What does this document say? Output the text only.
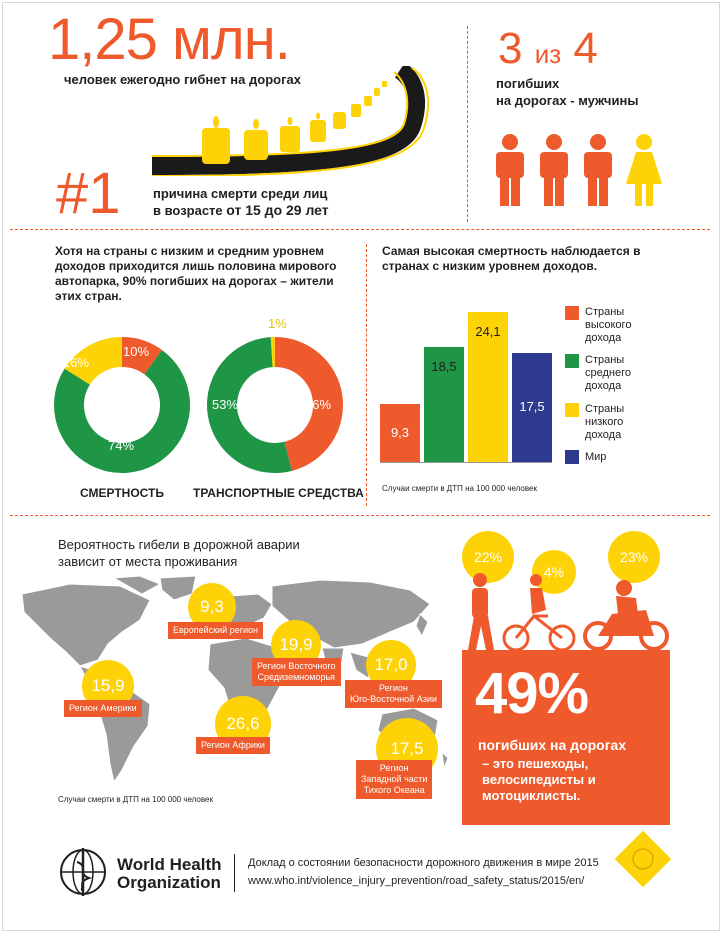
1,25 млн.
человек ежегодно гибнет на дорогах
#1 причина смерти среди лиц
в возрасте от 15 до 29 лет
3 из 4
погибших
на дорогах - мужчины
Хотя на страны с низким и средним уровнем доходов приходится лишь половина мирового автопарка, 90% погибших на дорогах – жители этих стран.
10%
74%
16%
46%
53%
1%
СМЕРТНОСТЬ ТРАНСПОРТНЫЕ СРЕДСТВА
Самая высокая смертность наблюдается в странах с низким уровнем доходов.
9,3
18,5
24,1
17,5
Страны
высокого
дохода
Страны
среднего
дохода
Страны
низкого
дохода
Мир
Случаи смерти в ДТП на 100 000 человек
Вероятность гибели в дорожной аварии
зависит от места проживания
9,3
Европейский регион
19,9
Регион Восточного
Средиземноморья
17,0
Регион
Юго-Восточной Азии
15,9
Регион Америки
26,6
Регион Африки	17,5
Регион
Западной части
Тихого Океана
Случаи смерти в ДТП на 100 000 человек
22%
4%
23%
49%
погибших на дорогах
– это пешеходы, велосипедисты и мотоциклисты.
World Health
Organization
Доклад о состоянии безопасности дорожного движения в мире 2015
www.who.int/violence_injury_prevention/road_safety_status/2015/en/
